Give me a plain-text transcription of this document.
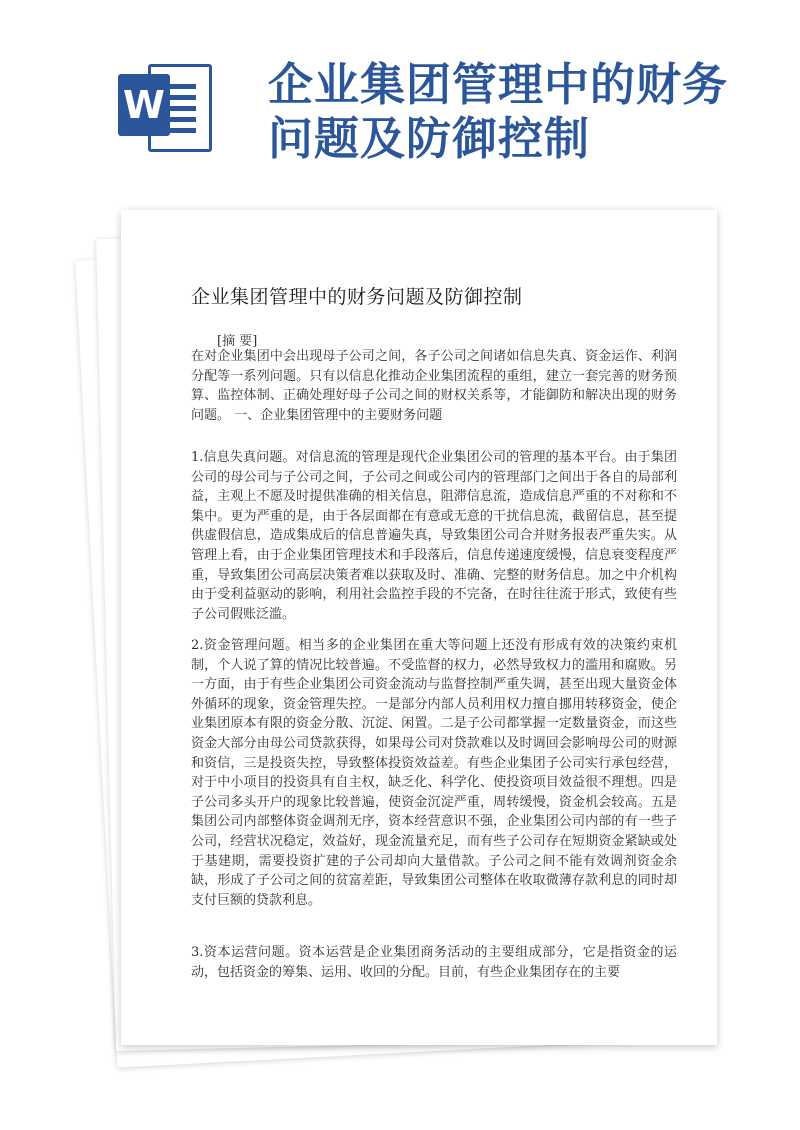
W 企业集团管理中的财务问题及防御控制
企业集团管理中的财务问题及防御控制
[摘 要]

在对企业集团中会出现母子公司之间，各子公司之间诸如信息失真、资金运作、利润分配等一系列问题。只有以信息化推动企业集团流程的重组，建立一套完善的财务预算、监控体制、正确处理好母子公司之间的财权关系等，才能御防和解决出现的财务问题。 一、企业集团管理中的主要财务问题

1.信息失真问题。对信息流的管理是现代企业集团公司的管理的基本平台。由于集团公司的母公司与子公司之间，子公司之间或公司内的管理部门之间出于各自的局部利益，主观上不愿及时提供准确的相关信息，阻滞信息流，造成信息严重的不对称和不集中。更为严重的是，由于各层面都在有意或无意的干扰信息流，截留信息，甚至提供虚假信息，造成集成后的信息普遍失真，导致集团公司合并财务报表严重失实。从管理上看，由于企业集团管理技术和手段落后，信息传递速度缓慢，信息衰变程度严重，导致集团公司高层决策者难以获取及时、准确、完整的财务信息。加之中介机构由于受利益驱动的影响，利用社会监控手段的不完备，在时往往流于形式，致使有些子公司假账泛滥。

2.资金管理问题。相当多的企业集团在重大等问题上还没有形成有效的决策约束机制，个人说了算的情况比较普遍。不受监督的权力，必然导致权力的滥用和腐败。另一方面，由于有些企业集团公司资金流动与监督控制严重失调，甚至出现大量资金体外循环的现象，资金管理失控。一是部分内部人员利用权力擅自挪用转移资金，使企业集团原本有限的资金分散、沉淀、闲置。二是子公司都掌握一定数量资金，而这些资金大部分由母公司贷款获得，如果母公司对贷款难以及时调回会影响母公司的财源和资信，三是投资失控，导致整体投资效益差。有些企业集团子公司实行承包经营，对于中小项目的投资具有自主权，缺乏化、科学化、使投资项目效益很不理想。四是子公司多头开户的现象比较普遍，使资金沉淀严重，周转缓慢，资金机会较高。五是集团公司内部整体资金调剂无序，资本经营意识不强，企业集团公司内部的有一些子公司，经营状况稳定，效益好，现金流量充足，而有些子公司存在短期资金紧缺或处于基建期，需要投资扩建的子公司却向大量借款。子公司之间不能有效调剂资金余缺，形成了子公司之间的贫富差距，导致集团公司整体在收取微薄存款利息的同时却支付巨额的贷款利息。

3.资本运营问题。资本运营是企业集团商务活动的主要组成部分，它是指资金的运动，包括资金的筹集、运用、收回的分配。目前，有些企业集团存在的主要
